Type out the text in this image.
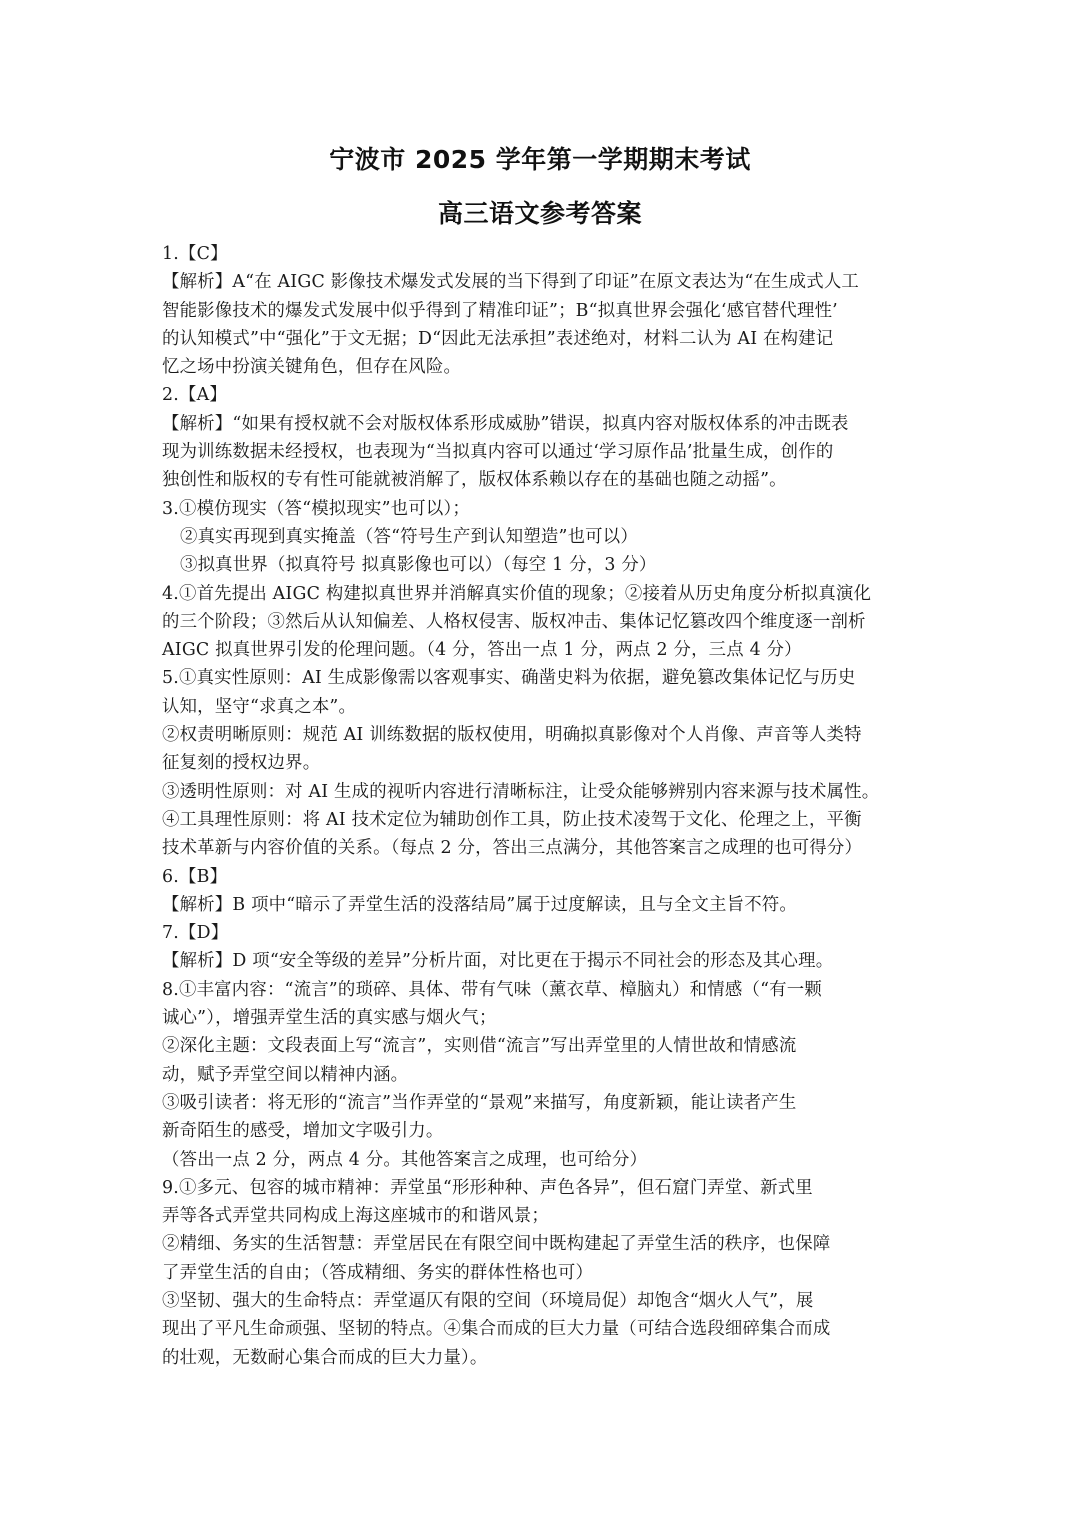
宁波市 2025 学年第一学期期末考试
高三语文参考答案
1.【C】
【解析】A“在 AIGC 影像技术爆发式发展的当下得到了印证”在原文表达为“在生成式人工
智能影像技术的爆发式发展中似乎得到了精准印证”；B“拟真世界会强化‘感官替代理性’
的认知模式”中“强化”于文无据；D“因此无法承担”表述绝对，材料二认为 AI 在构建记
忆之场中扮演关键角色，但存在风险。
2.【A】
【解析】“如果有授权就不会对版权体系形成威胁”错误，拟真内容对版权体系的冲击既表
现为训练数据未经授权，也表现为“当拟真内容可以通过‘学习原作品’批量生成，创作的
独创性和版权的专有性可能就被消解了，版权体系赖以存在的基础也随之动摇”。
3.①模仿现实（答“模拟现实”也可以）；
②真实再现到真实掩盖（答“符号生产到认知塑造”也可以）
③拟真世界（拟真符号 拟真影像也可以）（每空 1 分，3 分）
4.①首先提出 AIGC 构建拟真世界并消解真实价值的现象；②接着从历史角度分析拟真演化
的三个阶段；③然后从认知偏差、人格权侵害、版权冲击、集体记忆篡改四个维度逐一剖析
AIGC 拟真世界引发的伦理问题。（4 分，答出一点 1 分，两点 2 分，三点 4 分）
5.①真实性原则：AI 生成影像需以客观事实、确凿史料为依据，避免篡改集体记忆与历史
认知，坚守“求真之本”。
②权责明晰原则：规范 AI 训练数据的版权使用，明确拟真影像对个人肖像、声音等人类特
征复刻的授权边界。
③透明性原则：对 AI 生成的视听内容进行清晰标注，让受众能够辨别内容来源与技术属性。
④工具理性原则：将 AI 技术定位为辅助创作工具，防止技术凌驾于文化、伦理之上，平衡
技术革新与内容价值的关系。（每点 2 分，答出三点满分，其他答案言之成理的也可得分）
6.【B】
【解析】B 项中“暗示了弄堂生活的没落结局”属于过度解读，且与全文主旨不符。
7.【D】
【解析】D 项“安全等级的差异”分析片面，对比更在于揭示不同社会的形态及其心理。
8.①丰富内容：“流言”的琐碎、具体、带有气味（薰衣草、樟脑丸）和情感（“有一颗
诚心”），增强弄堂生活的真实感与烟火气；
②深化主题：文段表面上写“流言”，实则借“流言”写出弄堂里的人情世故和情感流
动，赋予弄堂空间以精神内涵。
③吸引读者：将无形的“流言”当作弄堂的“景观”来描写，角度新颖，能让读者产生
新奇陌生的感受，增加文字吸引力。
（答出一点 2 分，两点 4 分。其他答案言之成理，也可给分）
9.①多元、包容的城市精神：弄堂虽“形形种种、声色各异”，但石窟门弄堂、新式里
弄等各式弄堂共同构成上海这座城市的和谐风景；
②精细、务实的生活智慧：弄堂居民在有限空间中既构建起了弄堂生活的秩序，也保障
了弄堂生活的自由；（答成精细、务实的群体性格也可）
③坚韧、强大的生命特点：弄堂逼仄有限的空间（环境局促）却饱含“烟火人气”，展
现出了平凡生命顽强、坚韧的特点。④集合而成的巨大力量（可结合选段细碎集合而成
的壮观，无数耐心集合而成的巨大力量）。
